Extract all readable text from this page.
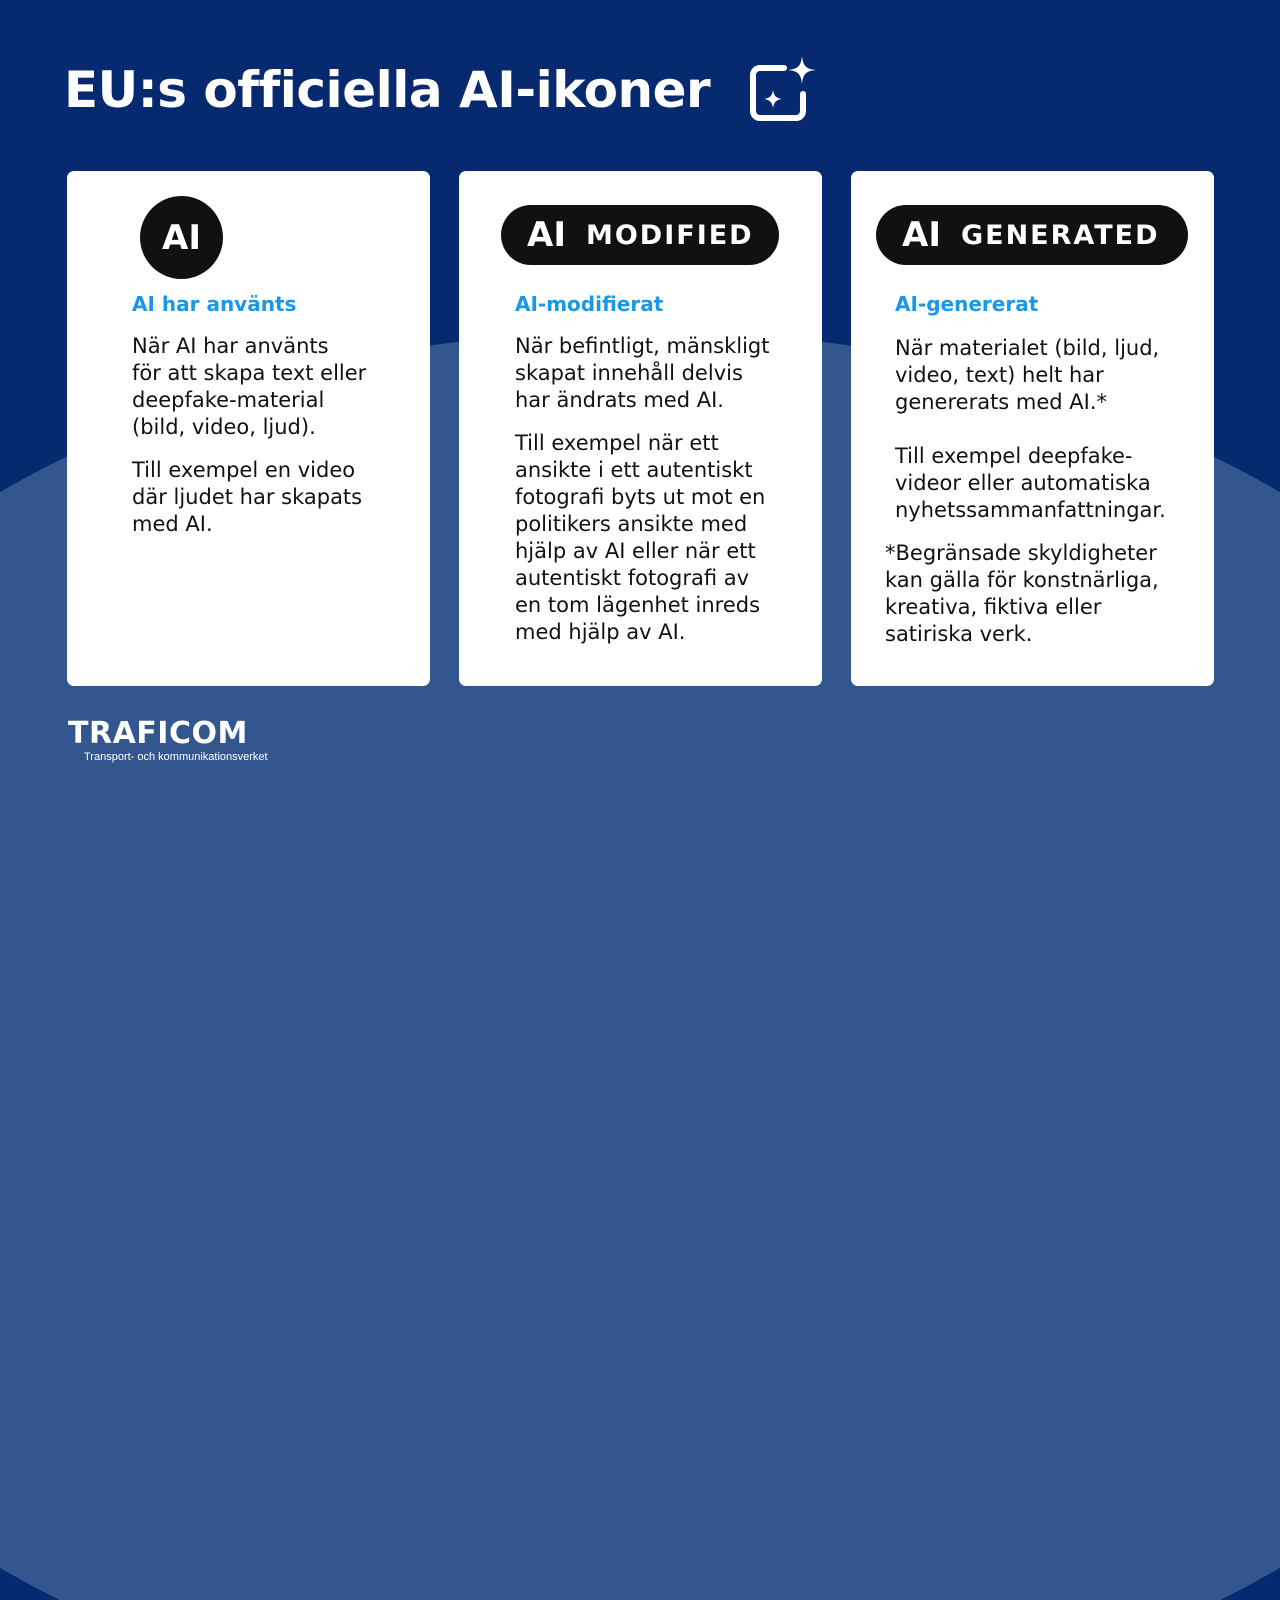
EU:s officiella AI-ikoner
AI	AI MODIFIED	AI GENERATED
AI har använts

När AI har använts
för att skapa text eller
deepfake-material
(bild, video, ljud).

Till exempel en video
där ljudet har skapats
med AI.

AI-modifierat

När befintligt, mänskligt
skapat innehåll delvis
har ändrats med AI.

Till exempel när ett
ansikte i ett autentiskt
fotografi byts ut mot en
politikers ansikte med
hjälp av AI eller när ett
autentiskt fotografi av
en tom lägenhet inreds
med hjälp av AI.

AI-genererat

När materialet (bild, ljud,
video, text) helt har
genererats med AI.*

Till exempel deepfake-
videor eller automatiska
nyhetssammanfattningar.

*Begränsade skyldigheter
kan gälla för konstnärliga,
kreativa, fiktiva eller
satiriska verk.

TRAFICOM
Transport- och kommunikationsverket
